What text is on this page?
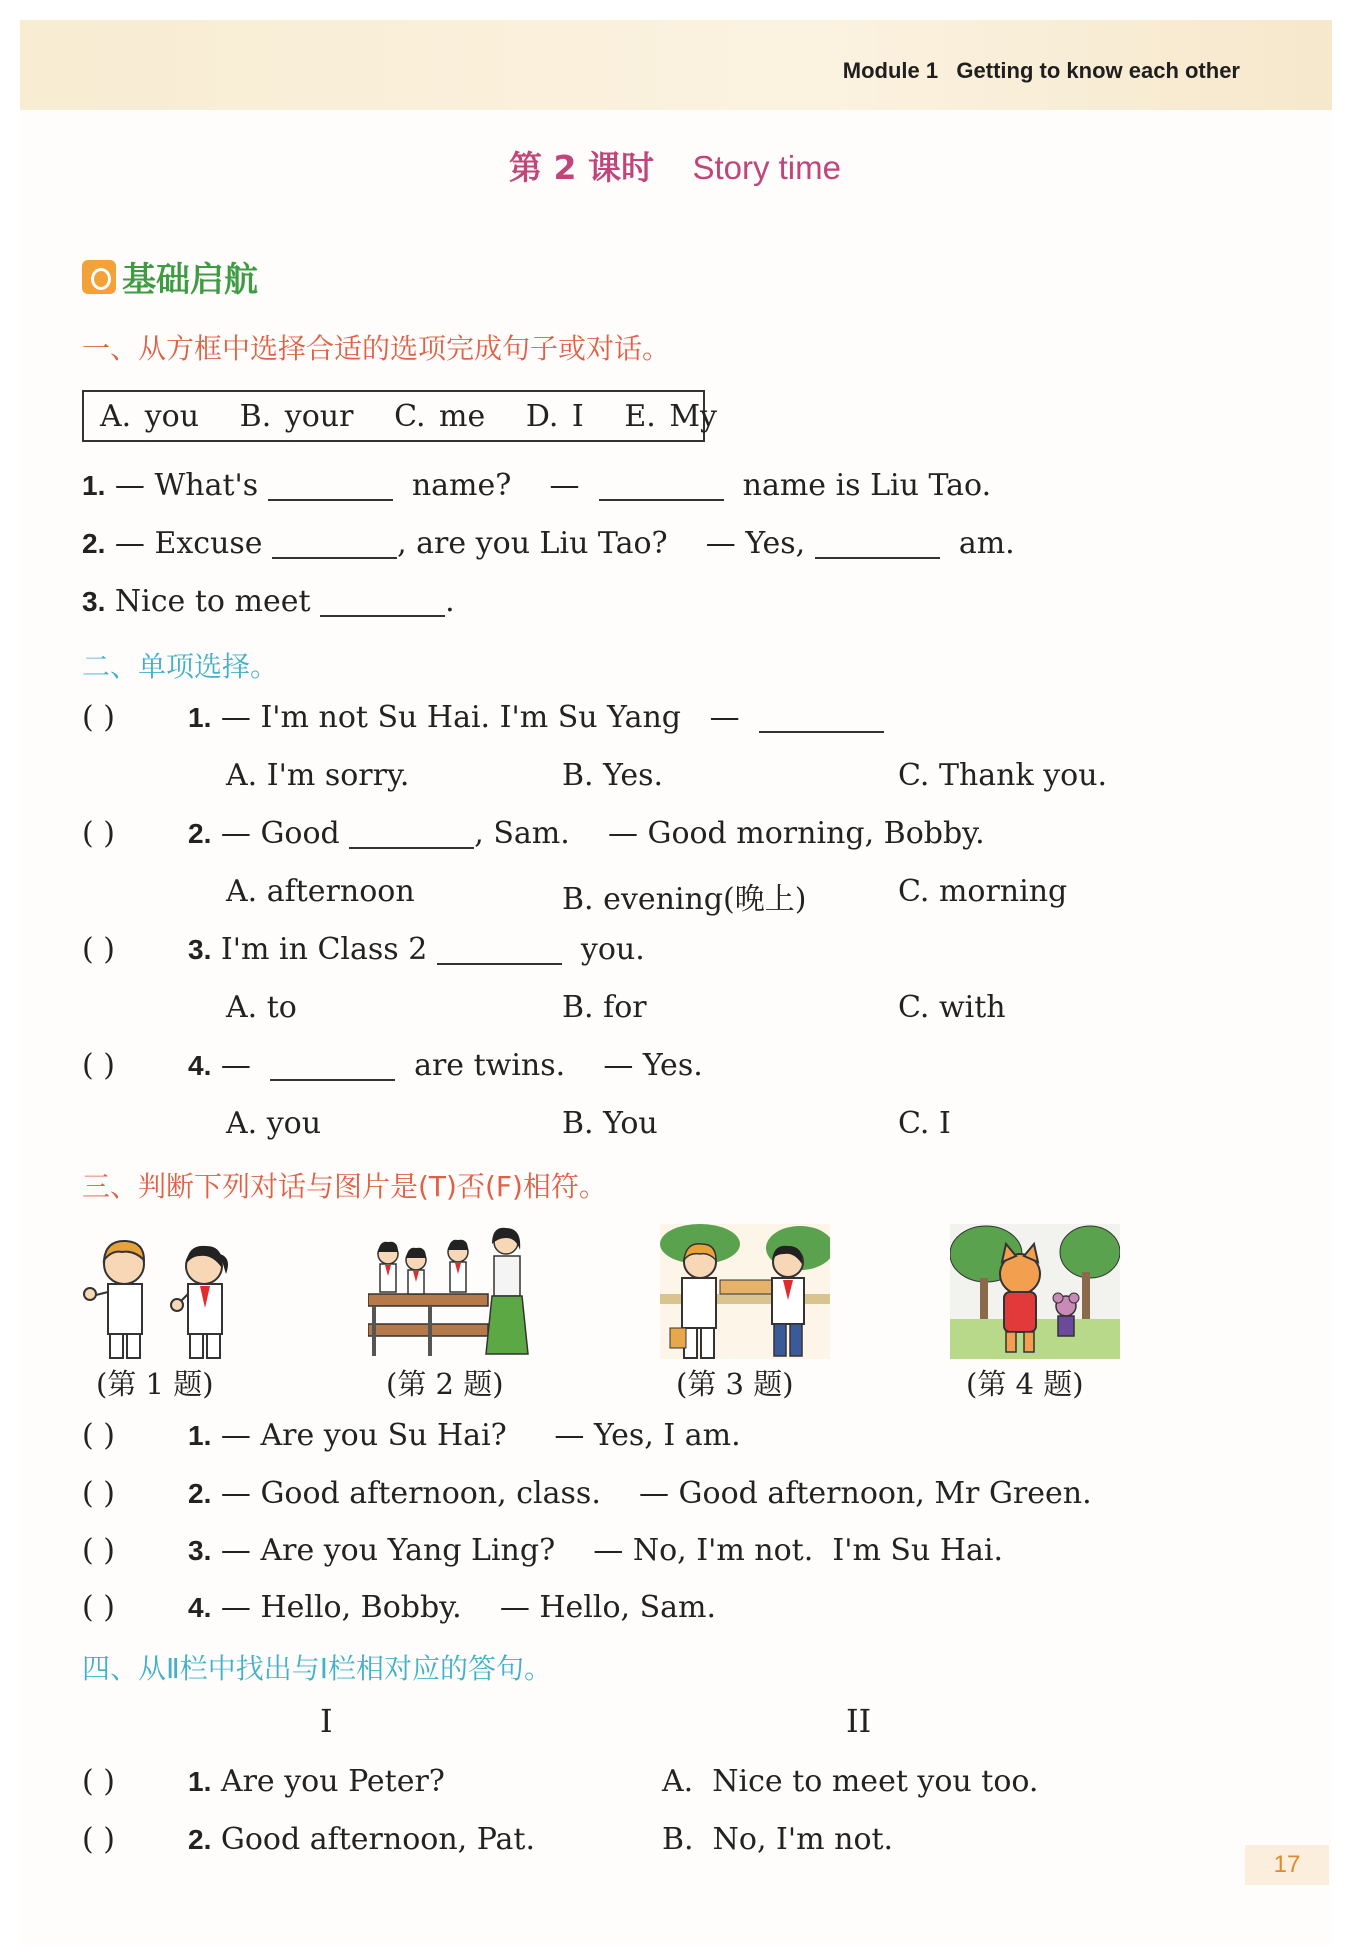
Module 1   Getting to know each other
第 2 课时 Story time
基础启航
一、从方框中选择合适的选项完成句子或对话。
A. you   B. your   C. me   D. I   E. My
1. — What's	name? —	name is Liu Tao.
2. — Excuse	, are you Liu Tao? — Yes,	am.
3. Nice to meet	.
二、单项选择。
( )	1. — I'm not Su Hai. I'm Su Yang —
A. I'm sorry.	B. Yes.	C. Thank you.
( )	2. — Good	, Sam. — Good morning, Bobby.
A. afternoon	B. evening(晚上)	C. morning
( )	3. I'm in Class 2	you.
A. to	B. for	C. with
( )	4. —	are twins. — Yes.
A. you	B. You	C. I
三、判断下列对话与图片是(T)否(F)相符。
(第 1 题)	(第 2 题)	(第 3 题)	(第 4 题)
( )	1. — Are you Su Hai?     — Yes, I am.
( )	2. — Good afternoon, class.    — Good afternoon, Mr Green.
( )	3. — Are you Yang Ling?    — No, I'm not.  I'm Su Hai.
( )	4. — Hello, Bobby.    — Hello, Sam.
四、从Ⅱ栏中找出与Ⅰ栏相对应的答句。
I	II
( )	1. Are you Peter?	A.  Nice to meet you too.
( )	2. Good afternoon, Pat.	B.  No, I'm not.
17
